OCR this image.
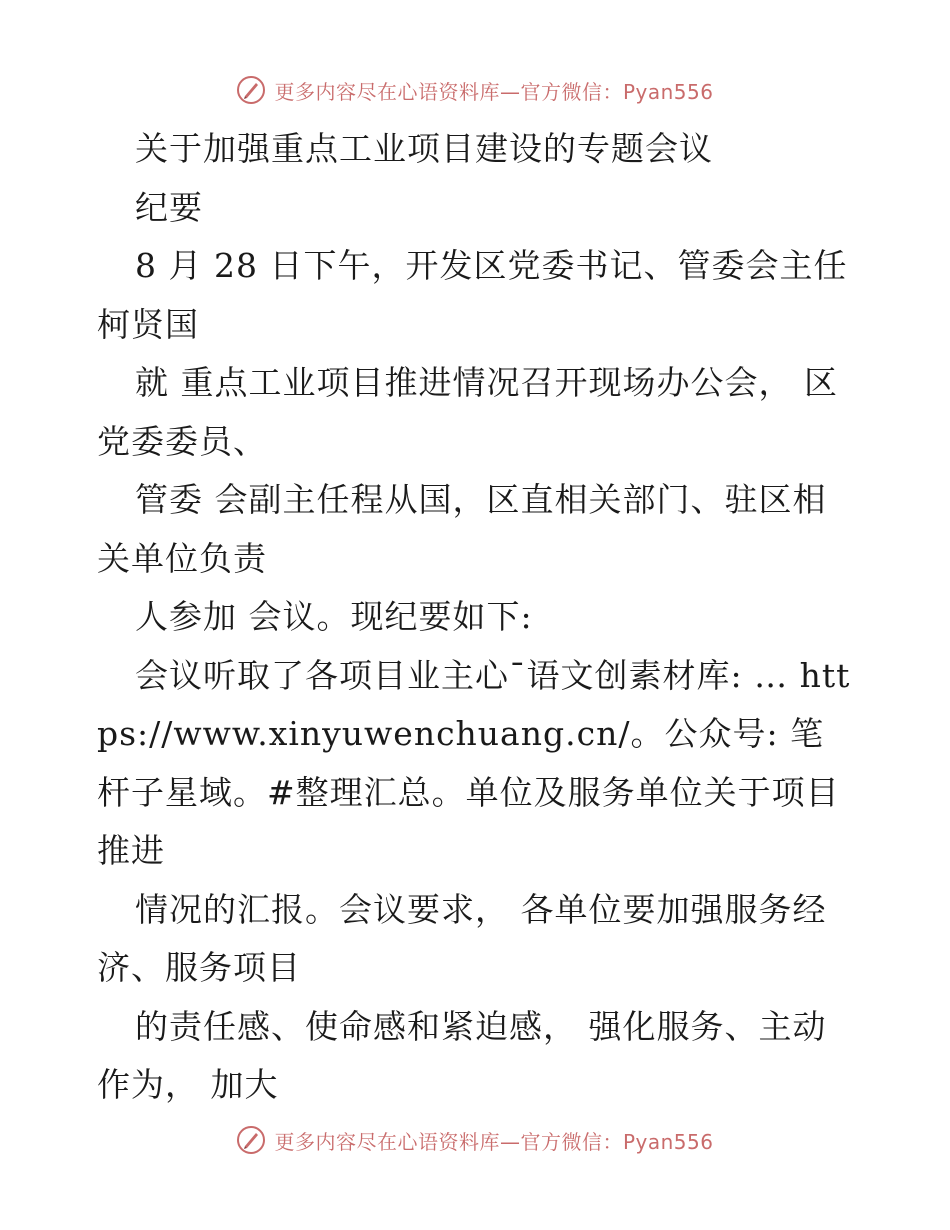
更多内容尽在心语资料库—官方微信：Pyan556

关于加强重点工业项目建设的专题会议

纪要

8 月 28 日下午，开发区党委书记、管委会主任柯贤国

就 重点工业项目推进情况召开现场办公会， 区党委委员、

管委 会副主任程从国，区直相关部门、驻区相关单位负责

人参加 会议。现纪要如下:

会议听取了各项目业主心¯语文创素材库: … https://www.xinyuwenchuang.cn/。公众号: 笔杆子星域。#整理汇总。单位及服务单位关于项目推进

情况的汇报。会议要求， 各单位要加强服务经济、服务项目

的责任感、使命感和紧迫感， 强化服务、主动作为， 加大

更多内容尽在心语资料库—官方微信：Pyan556
